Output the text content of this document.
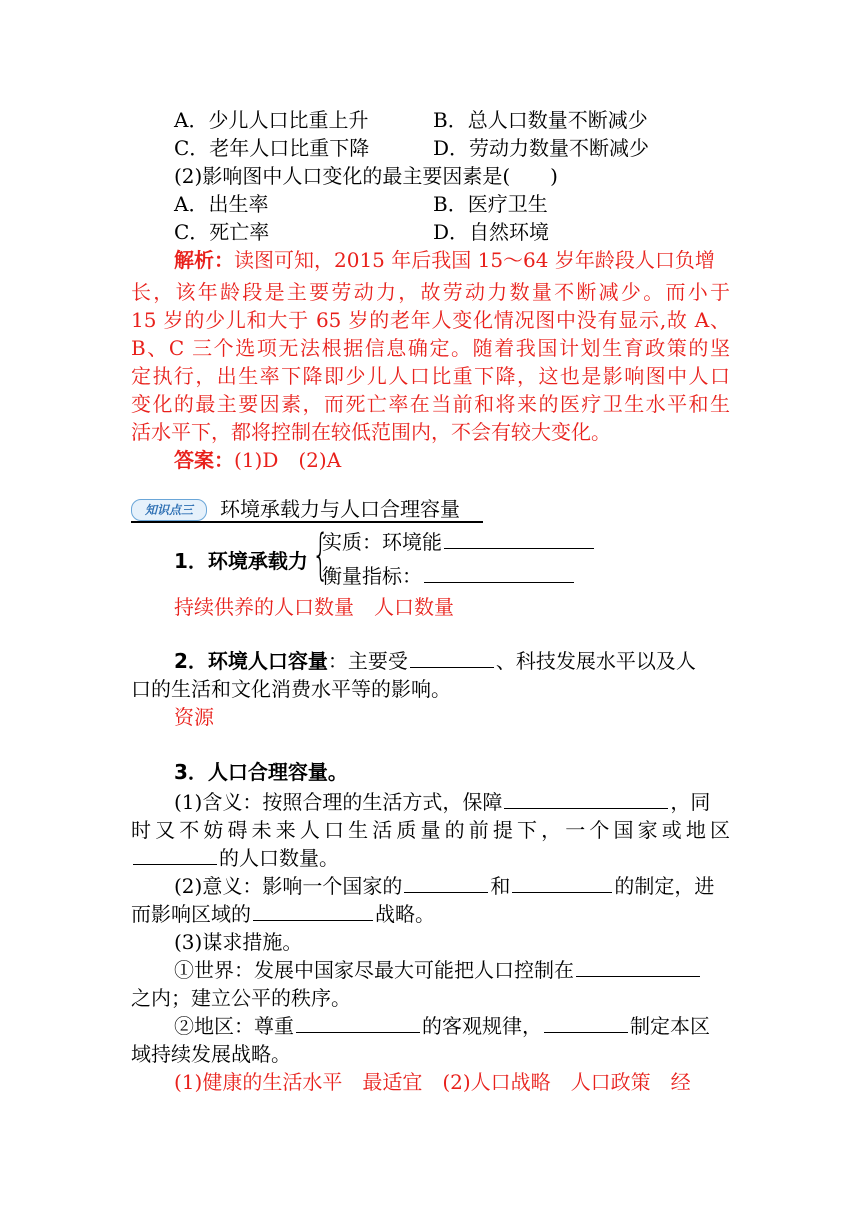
A．少儿人口比重上升	B．总人口数量不断减少
C．老年人口比重下降	D．劳动力数量不断减少
(2)影响图中人口变化的最主要因素是(　　)
A．出生率	B．医疗卫生
C．死亡率	D．自然环境
解析：读图可知，2015 年后我国 15～64 岁年龄段人口负增
长，该年龄段是主要劳动力，故劳动力数量不断减少。而小于
15 岁的少儿和大于 65 岁的老年人变化情况图中没有显示,故 A、
B、C 三个选项无法根据信息确定。随着我国计划生育政策的坚
定执行，出生率下降即少儿人口比重下降，这也是影响图中人口
变化的最主要因素，而死亡率在当前和将来的医疗卫生水平和生
活水平下，都将控制在较低范围内，不会有较大变化。
答案：(1)D　(2)A
知识点三	环境承载力与人口合理容量
1．环境承载力 {
实质：环境能
衡量指标：
持续供养的人口数量　人口数量
2．环境人口容量：主要受	、科技发展水平以及人
口的生活和文化消费水平等的影响。
资源
3．人口合理容量。
(1)含义：按照合理的生活方式，保障	，同
时又不妨碍未来人口生活质量的前提下，一个国家或地区
的人口数量。
(2)意义：影响一个国家的	和	的制定，进
而影响区域的	战略。
(3)谋求措施。
①世界：发展中国家尽最大可能把人口控制在
之内；建立公平的秩序。
②地区：尊重	的客观规律，	制定本区
域持续发展战略。
(1)健康的生活水平　最适宜　(2)人口战略　人口政策　经
